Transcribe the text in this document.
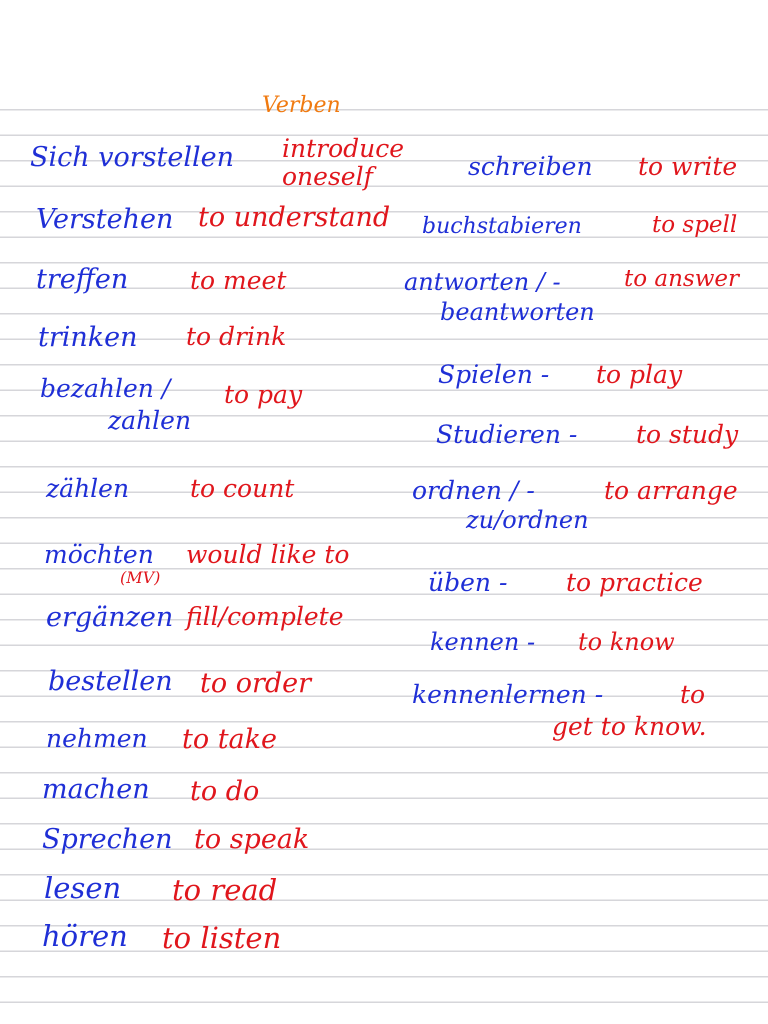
Verben
Sich vorstellen introduce
oneself
Verstehen to understand
treffen to meet
trinken to drink
bezahlen /
zahlen
to pay
zählen to count
möchten
(MV)
would like to
ergänzen fill/complete
bestellen to order
nehmen to take
machen to do
Sprechen to speak
lesen to read
hören to listen
schreiben to write
buchstabieren	to spell
antworten / -
beantworten
to answer
Spielen - to play
Studieren - to study
ordnen / -
zu/ordnen
to arrange
üben - to practice
kennen - to know
kennenlernen -	to
get to know.
